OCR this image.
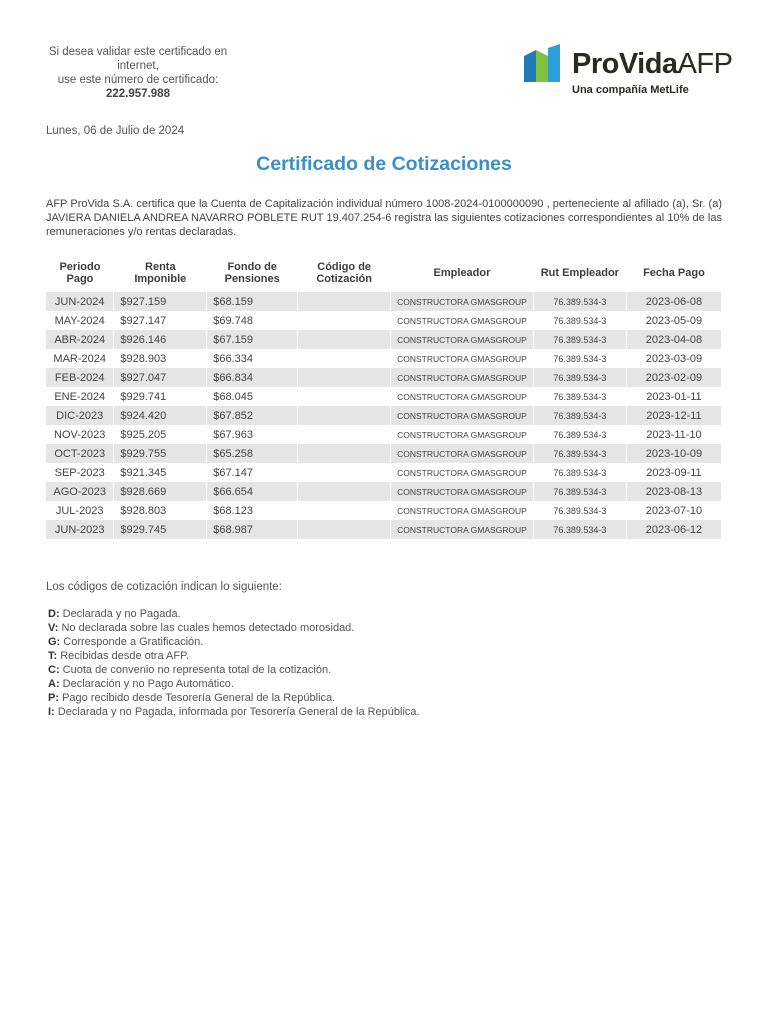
Si desea validar este certificado en
internet,
use este número de certificado:
222.957.988
ProVidaAFP
Una compañía MetLife
Lunes, 06 de Julio de 2024
Certificado de Cotizaciones
AFP ProVida S.A. certifica que la Cuenta de Capitalización individual número 1008-2024-0100000090 , perteneciente al afiliado (a), Sr. (a) JAVIERA DANIELA ANDREA NAVARRO POBLETE RUT 19.407.254-6 registra las siguientes cotizaciones correspondientes al 10% de las remuneraciones y/o rentas declaradas.
Periodo Pago	Renta Imponible	Fondo de Pensiones	Código de Cotización	Empleador	Rut Empleador	Fecha Pago
JUN-2024	$927.159	$68.159		CONSTRUCTORA GMASGROUP	76.389.534-3	2023-06-08
MAY-2024	$927.147	$69.748		CONSTRUCTORA GMASGROUP	76.389.534-3	2023-05-09
ABR-2024	$926.146	$67.159		CONSTRUCTORA GMASGROUP	76.389.534-3	2023-04-08
MAR-2024	$928.903	$66.334		CONSTRUCTORA GMASGROUP	76.389.534-3	2023-03-09
FEB-2024	$927.047	$66.834		CONSTRUCTORA GMASGROUP	76.389.534-3	2023-02-09
ENE-2024	$929.741	$68.045		CONSTRUCTORA GMASGROUP	76.389.534-3	2023-01-11
DIC-2023	$924.420	$67.852		CONSTRUCTORA GMASGROUP	76.389.534-3	2023-12-11
NOV-2023	$925.205	$67.963		CONSTRUCTORA GMASGROUP	76.389.534-3	2023-11-10
OCT-2023	$929.755	$65.258		CONSTRUCTORA GMASGROUP	76.389.534-3	2023-10-09
SEP-2023	$921.345	$67.147		CONSTRUCTORA GMASGROUP	76.389.534-3	2023-09-11
AGO-2023	$928.669	$66.654		CONSTRUCTORA GMASGROUP	76.389.534-3	2023-08-13
JUL-2023	$928.803	$68.123		CONSTRUCTORA GMASGROUP	76.389.534-3	2023-07-10
JUN-2023	$929.745	$68.987		CONSTRUCTORA GMASGROUP	76.389.534-3	2023-06-12
Los códigos de cotización indican lo siguiente:
D: Declarada y no Pagada.
V: No declarada sobre las cuales hemos detectado morosidad.
G: Corresponde a Gratificación.
T: Recibidas desde otra AFP.
C: Cuota de convenio no representa total de la cotización.
A: Declaración y no Pago Automático.
P: Pago recibido desde Tesorería General de la República.
I: Declarada y no Pagada, informada por Tesorería General de la República.
